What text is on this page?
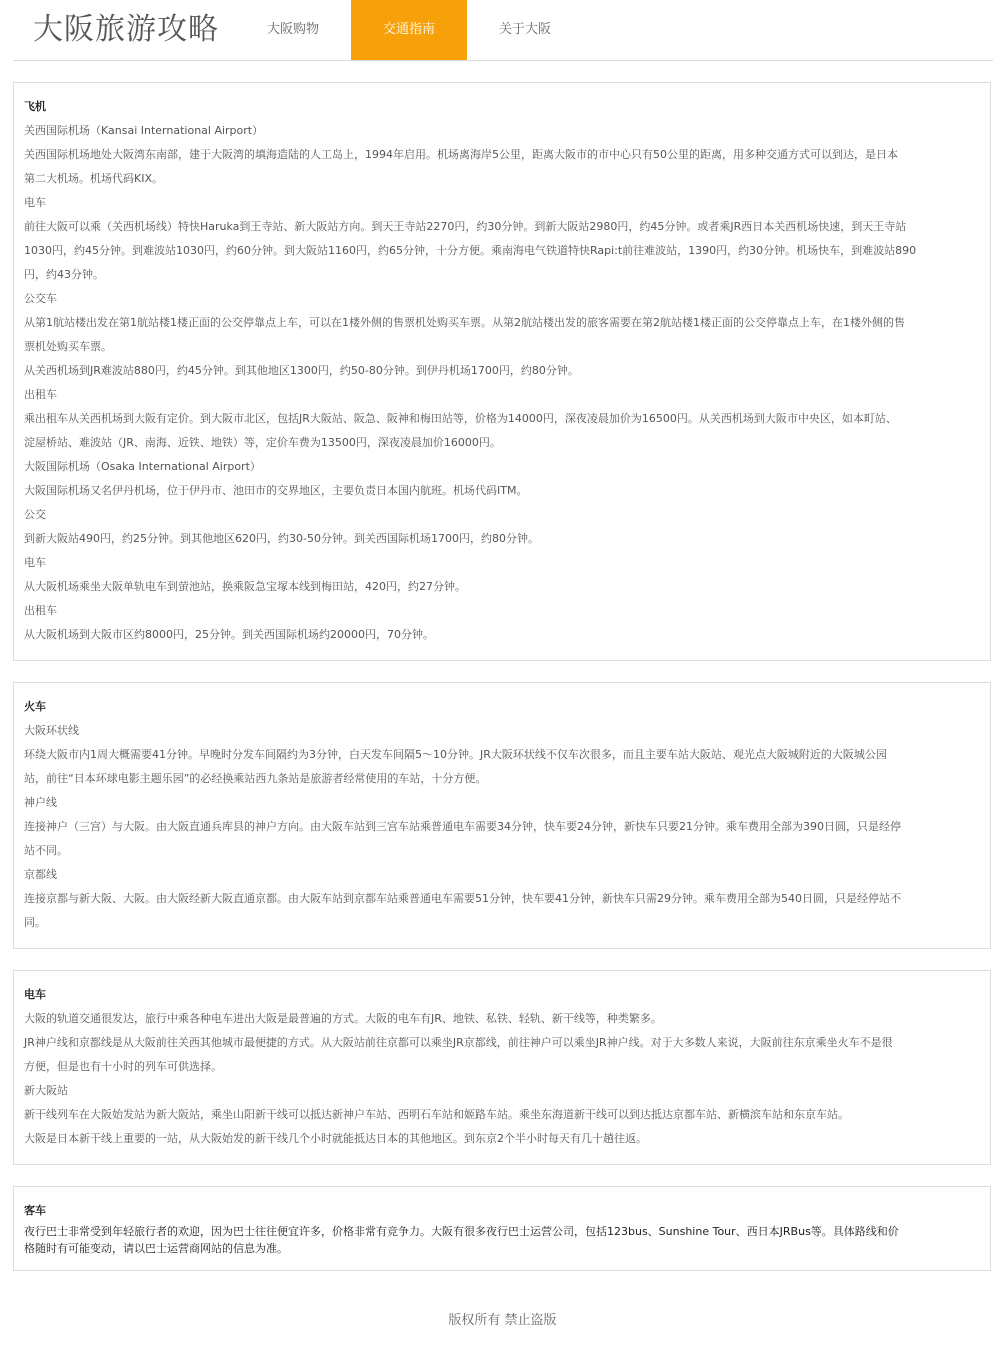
大阪旅游攻略	大阪购物	交通指南	关于大阪
飞机

关西国际机场（Kansai International Airport）

关西国际机场地处大阪湾东南部，建于大阪湾的填海造陆的人工岛上，1994年启用。机场离海岸5公里，距离大阪市的市中心只有50公里的距离，用多种交通方式可以到达，是日本

第二大机场。机场代码KIX。

电车

前往大阪可以乘（关西机场线）特快Haruka到王寺站、新大阪站方向。到天王寺站2270円，约30分钟。到新大阪站2980円，约45分钟。或者乘JR西日本关西机场快速，到天王寺站

1030円，约45分钟。到难波站1030円，约60分钟。到大阪站1160円，约65分钟，十分方便。乘南海电气铁道特快Rapi:t前往难波站，1390円，约30分钟。机场快车，到难波站890

円，约43分钟。

公交车

从第1航站楼出发在第1航站楼1楼正面的公交停靠点上车，可以在1楼外侧的售票机处购买车票。从第2航站楼出发的旅客需要在第2航站楼1楼正面的公交停靠点上车，在1楼外侧的售

票机处购买车票。

从关西机场到JR难波站880円，约45分钟。到其他地区1300円，约50-80分钟。到伊丹机场1700円，约80分钟。

出租车

乘出租车从关西机场到大阪有定价。到大阪市北区，包括JR大阪站、阪急、阪神和梅田站等，价格为14000円，深夜凌晨加价为16500円。从关西机场到大阪市中央区，如本町站、

淀屋桥站、难波站（JR、南海、近铁、地铁）等，定价车费为13500円，深夜凌晨加价16000円。

大阪国际机场（Osaka International Airport）

大阪国际机场又名伊丹机场，位于伊丹市、池田市的交界地区，主要负责日本国内航班。机场代码ITM。

公交

到新大阪站490円，约25分钟。到其他地区620円，约30-50分钟。到关西国际机场1700円，约80分钟。

电车

从大阪机场乘坐大阪单轨电车到萤池站，换乘阪急宝塚本线到梅田站，420円，约27分钟。

出租车

从大阪机场到大阪市区约8000円，25分钟。到关西国际机场约20000円，70分钟。

火车

大阪环状线

环绕大阪市内1周大概需要41分钟。早晚时分发车间隔约为3分钟，白天发车间隔5～10分钟。JR大阪环状线不仅车次很多，而且主要车站大阪站、观光点大阪城附近的大阪城公园

站，前往“日本环球电影主题乐园”的必经换乘站西九条站是旅游者经常使用的车站，十分方便。

神户线

连接神户（三宫）与大阪。由大阪直通兵库县的神户方向。由大阪车站到三宫车站乘普通电车需要34分钟，快车要24分钟，新快车只要21分钟。乘车费用全部为390日圆，只是经停

站不同。

京都线

连接京都与新大阪、大阪。由大阪经新大阪直通京都。由大阪车站到京都车站乘普通电车需要51分钟，快车要41分钟，新快车只需29分钟。乘车费用全部为540日圆，只是经停站不

同。

电车

大阪的轨道交通很发达，旅行中乘各种电车进出大阪是最普遍的方式。大阪的电车有JR、地铁、私铁、轻轨、新干线等，种类繁多。

JR神户线和京都线是从大阪前往关西其他城市最便捷的方式。从大阪站前往京都可以乘坐JR京都线，前往神户可以乘坐JR神户线。对于大多数人来说，大阪前往东京乘坐火车不是很

方便，但是也有十小时的列车可供选择。

新大阪站

新干线列车在大阪始发站为新大阪站，乘坐山阳新干线可以抵达新神户车站、西明石车站和姬路车站。乘坐东海道新干线可以到达抵达京都车站、新横滨车站和东京车站。

大阪是日本新干线上重要的一站，从大阪始发的新干线几个小时就能抵达日本的其他地区。到东京2个半小时每天有几十趟往返。

客车

夜行巴士非常受到年轻旅行者的欢迎，因为巴士往往便宜许多，价格非常有竞争力。大阪有很多夜行巴士运营公司，包括123bus、Sunshine Tour、西日本JRBus等。具体路线和价

格随时有可能变动，请以巴士运营商网站的信息为准。

版权所有 禁止盗版
